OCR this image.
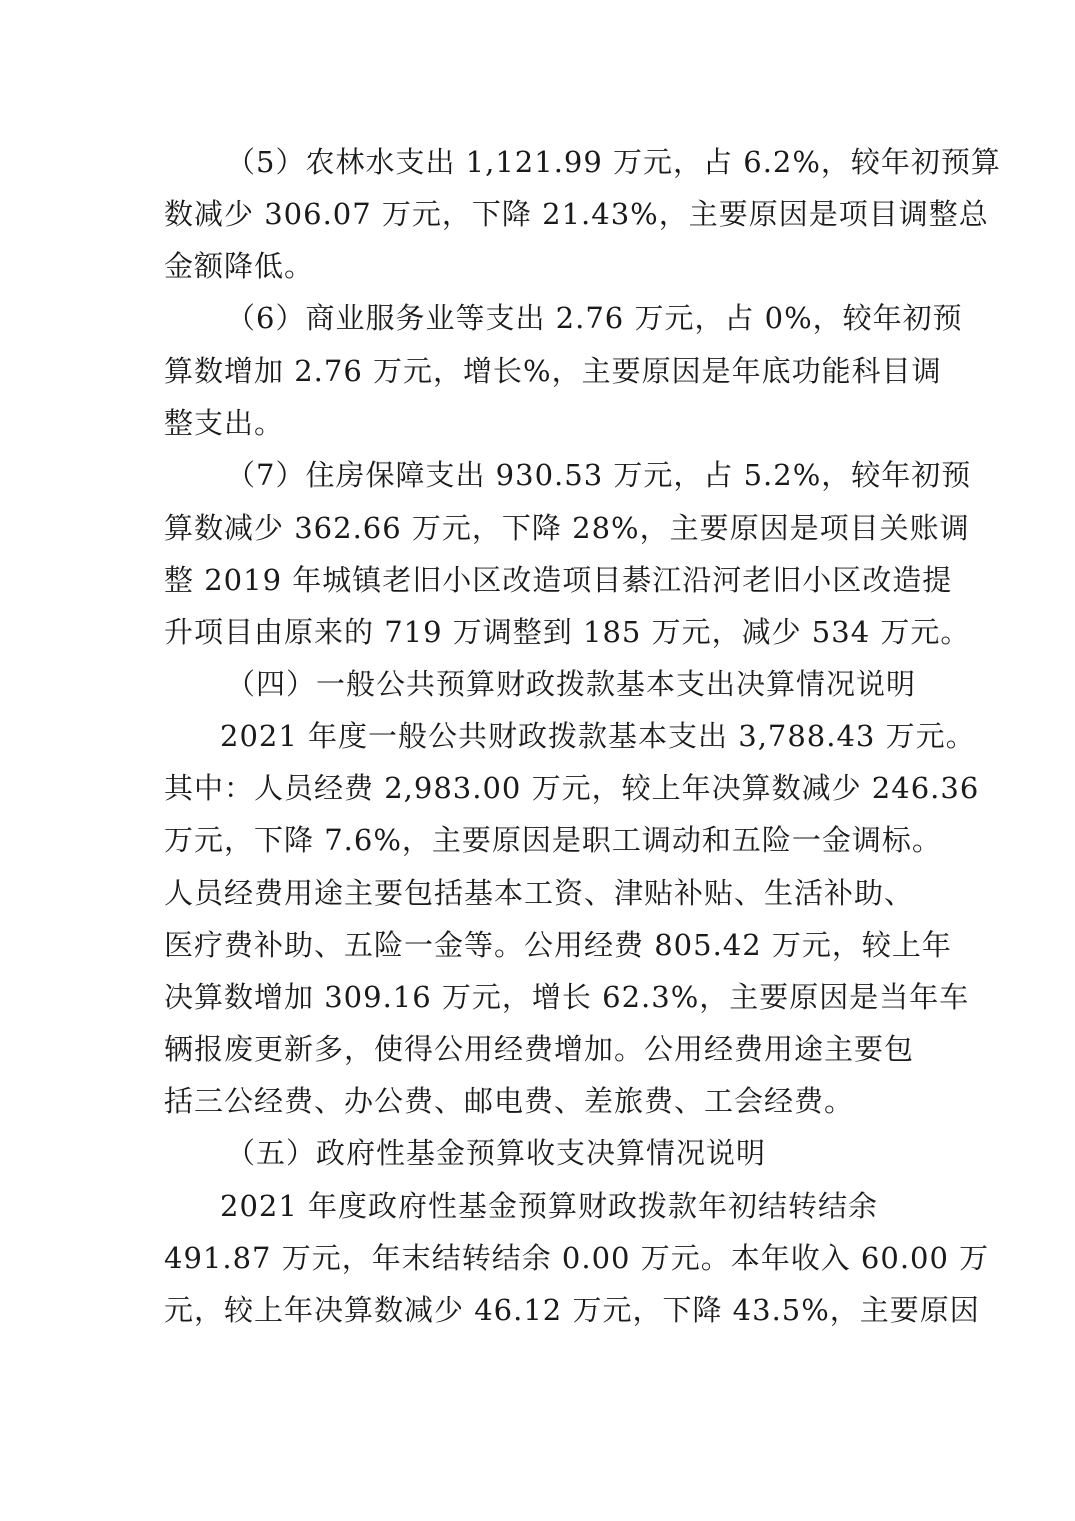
（5）农林水支出 1,121.99 万元，占 6.2%，较年初预算
数减少 306.07 万元，下降 21.43%，主要原因是项目调整总
金额降低。
（6）商业服务业等支出 2.76 万元，占 0%，较年初预
算数增加 2.76 万元，增长%，主要原因是年底功能科目调
整支出。
（7）住房保障支出 930.53 万元，占 5.2%，较年初预
算数减少 362.66 万元，下降 28%，主要原因是项目关账调
整 2019 年城镇老旧小区改造项目綦江沿河老旧小区改造提
升项目由原来的 719 万调整到 185 万元，减少 534 万元。
（四）一般公共预算财政拨款基本支出决算情况说明
2021 年度一般公共财政拨款基本支出 3,788.43 万元。
其中：人员经费 2,983.00 万元，较上年决算数减少 246.36
万元，下降 7.6%，主要原因是职工调动和五险一金调标。
人员经费用途主要包括基本工资、津贴补贴、生活补助、
医疗费补助、五险一金等。公用经费 805.42 万元，较上年
决算数增加 309.16 万元，增长 62.3%，主要原因是当年车
辆报废更新多，使得公用经费增加。公用经费用途主要包
括三公经费、办公费、邮电费、差旅费、工会经费。
（五）政府性基金预算收支决算情况说明
2021 年度政府性基金预算财政拨款年初结转结余
491.87 万元，年末结转结余 0.00 万元。本年收入 60.00 万
元，较上年决算数减少 46.12 万元，下降 43.5%，主要原因
